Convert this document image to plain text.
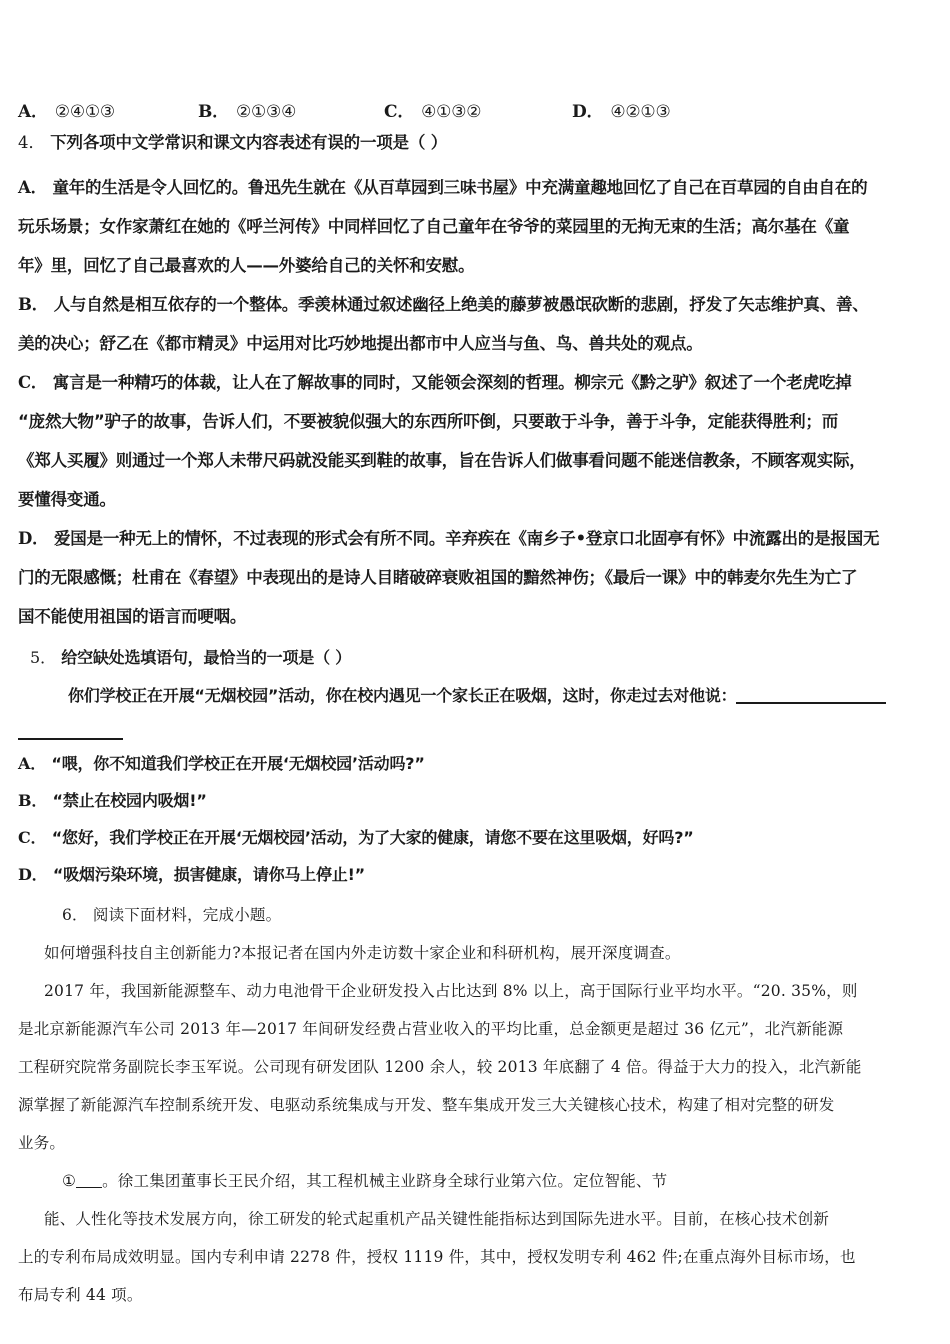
A． ②④①③	B． ②①③④	C． ④①③②	D． ④②①③
4． 下列各项中文学常识和课文内容表述有误的一项是（ ）
A． 童年的生活是令人回忆的。鲁迅先生就在《从百草园到三味书屋》中充满童趣地回忆了自己在百草园的自由自在的
玩乐场景；女作家萧红在她的《呼兰河传》中同样回忆了自己童年在爷爷的菜园里的无拘无束的生活；高尔基在《童
年》里，回忆了自己最喜欢的人——外婆给自己的关怀和安慰。
B． 人与自然是相互依存的一个整体。季羡林通过叙述幽径上绝美的藤萝被愚氓砍断的悲剧，抒发了矢志维护真、善、
美的决心；舒乙在《都市精灵》中运用对比巧妙地提出都市中人应当与鱼、鸟、兽共处的观点。
C． 寓言是一种精巧的体裁，让人在了解故事的同时，又能领会深刻的哲理。柳宗元《黔之驴》叙述了一个老虎吃掉
“庞然大物”驴子的故事，告诉人们，不要被貌似强大的东西所吓倒，只要敢于斗争，善于斗争，定能获得胜利；而
《郑人买履》则通过一个郑人未带尺码就没能买到鞋的故事，旨在告诉人们做事看问题不能迷信教条，不顾客观实际，
要懂得变通。
D． 爱国是一种无上的情怀，不过表现的形式会有所不同。辛弃疾在《南乡子•登京口北固亭有怀》中流露出的是报国无
门的无限感慨；杜甫在《春望》中表现出的是诗人目睹破碎衰败祖国的黯然神伤；《最后一课》中的韩麦尔先生为亡了
国不能使用祖国的语言而哽咽。
5． 给空缺处选填语句，最恰当的一项是（ ）
你们学校正在开展“无烟校园”活动，你在校内遇见一个家长正在吸烟，这时，你走过去对他说：
A． “喂，你不知道我们学校正在开展‘无烟校园’活动吗?”
B． “禁止在校园内吸烟!”
C． “您好，我们学校正在开展‘无烟校园’活动，为了大家的健康，请您不要在这里吸烟，好吗?”
D． “吸烟污染环境，损害健康，请你马上停止!”
6． 阅读下面材料，完成小题。
如何增强科技自主创新能力?本报记者在国内外走访数十家企业和科研机构，展开深度调查。
2017 年，我国新能源整车、动力电池骨干企业研发投入占比达到 8% 以上，高于国际行业平均水平。“20. 35%，则
是北京新能源汽车公司 2013 年—2017 年间研发经费占营业收入的平均比重，总金额更是超过 36 亿元”，北汽新能源
工程研究院常务副院长李玉军说。公司现有研发团队 1200 余人，较 2013 年底翻了 4 倍。得益于大力的投入，北汽新能
源掌握了新能源汽车控制系统开发、电驱动系统集成与开发、整车集成开发三大关键核心技术，构建了相对完整的研发
业务。
① 。徐工集团董事长王民介绍，其工程机械主业跻身全球行业第六位。定位智能、节
能、人性化等技术发展方向，徐工研发的轮式起重机产品关键性能指标达到国际先进水平。目前，在核心技术创新
上的专利布局成效明显。国内专利申请 2278 件，授权 1119 件，其中，授权发明专利 462 件;在重点海外目标市场，也
布局专利 44 项。
